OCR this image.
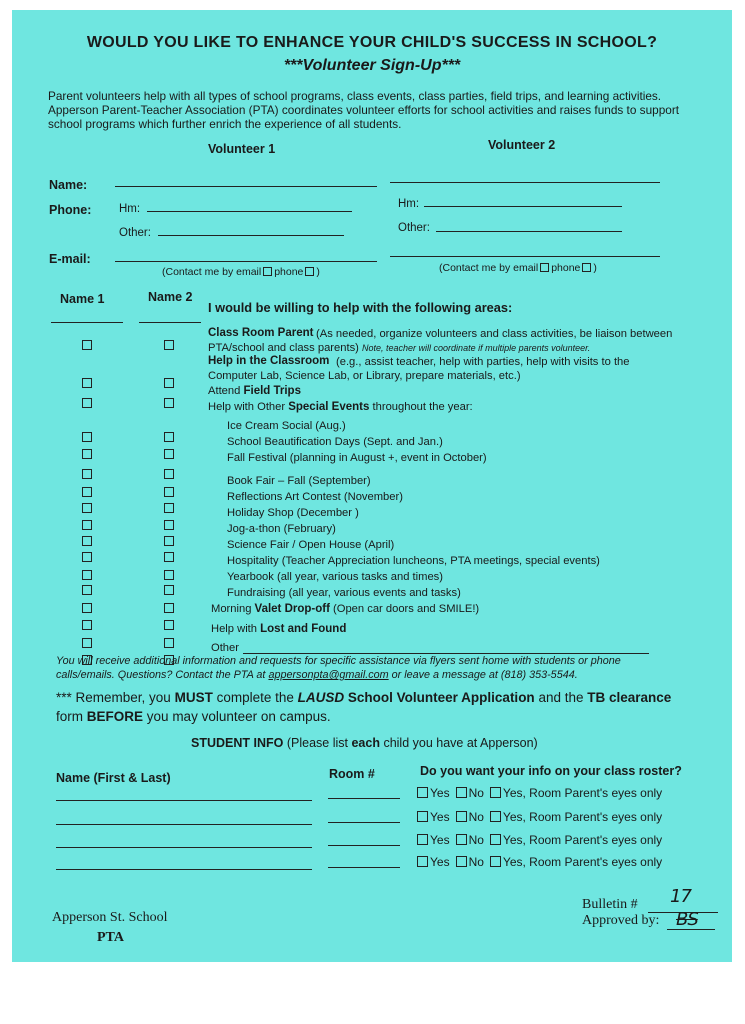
WOULD YOU LIKE TO ENHANCE YOUR CHILD'S SUCCESS IN SCHOOL?
***Volunteer Sign-Up***
Parent volunteers help with all types of school programs, class events, class parties, field trips, and learning activities. Apperson Parent-Teacher Association (PTA) coordinates volunteer efforts for school activities and raises funds to support school programs which further enrich the experience of all students.
Volunteer 1	Volunteer 2
Name:
Phone: Hm:	Hm:
Other:	Other:
E-mail:
(Contact me by email phone )	(Contact me by email phone )
Name 1	Name 2
I would be willing to help with the following areas:
Class Room Parent (As needed, organize volunteers and class activities, be liaison between PTA/school and class parents) Note, teacher will coordinate if multiple parents volunteer.
Help in the Classroom (e.g., assist teacher, help with parties, help with visits to the Computer Lab, Science Lab, or Library, prepare materials, etc.)
Attend Field Trips
Help with Other Special Events throughout the year:
Ice Cream Social (Aug.)
School Beautification Days (Sept. and Jan.)
Fall Festival (planning in August +, event in October)
Book Fair – Fall (September)
Reflections Art Contest (November)
Holiday Shop (December )
Jog-a-thon (February)
Science Fair / Open House (April)
Hospitality (Teacher Appreciation luncheons, PTA meetings, special events)
Yearbook (all year, various tasks and times)
Fundraising (all year, various events and tasks)
Morning Valet Drop-off (Open car doors and SMILE!)
Help with Lost and Found
Other
You will receive additional information and requests for specific assistance via flyers sent home with students or phone
calls/emails. Questions? Contact the PTA at appersonpta@gmail.com or leave a message at (818) 353-5544.
*** Remember, you MUST complete the LAUSD School Volunteer Application and the TB clearance
form BEFORE you may volunteer on campus.
STUDENT INFO (Please list each child you have at Apperson)
Name (First & Last)	Room #	Do you want your info on your class roster?
Yes No Yes, Room Parent's eyes only
Yes No Yes, Room Parent's eyes only
Yes No Yes, Room Parent's eyes only
Yes No Yes, Room Parent's eyes only
Apperson St. School
PTA
Bulletin # 17
Approved by: BS
